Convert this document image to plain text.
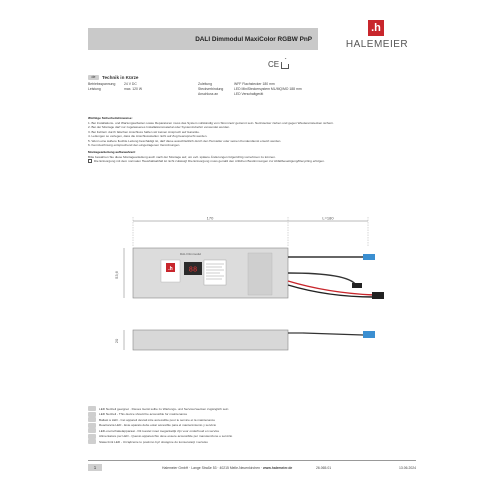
DALI Dimmodul MaxiColor RGBW PnP
.h
HALEMEIER
CE
de	Technik in Kürze
Betriebsspannung	24 V DC
Leistung	max. 120 W
Zuleitung	WFF Flachstecker 180 mm
Steckverbindung	LED MiniSteckersystem ML/MQ/MO 188 mm
Anschluss an	LED Verschaltgerät
Wichtige Sicherheitshinweise:
1. Bei Installations- und Wartungsarbeiten sowie Reparaturen muss das System vollständig vom Stromnetz getrennt sein. Netzstecker ziehen und gegen Wiedereinstecken sichern.
2. Bei der Montage darf nur zugelassenes Installationsmaterial oder Systemzubehör verwendet werden.
3. Bei Fehlern durch falschen Anschluss haften wir keinen Anspruch auf Garantie.
4. Leitungen so verlegen, dass die Anschlussstellen nicht auf Zug beansprucht werden.
5. Wenn eine äußere flexible Leitung beschädigt ist, darf diese ausschließlich durch den Hersteller oder seinen Kundendienst ersetzt werden.
6. Kennzeichnung entsprechend den eingetragenen Verordnungen.
Montageanleitung aufbewahren!
Bitte bewahren Sie diese Montageanleitung auch nach der Montage auf, um evtl. spätere Änderungen folgerichtig vornehmen zu können.
Die Entsorgung mit dem normalen Haushaltsabfall ist nicht zulässig! Die Entsorgung muss gemäß den örtlichen Bestimmungen zur Abfallbeseitigung/Recycling erfolgen.
170	L=180
53,6
.h
DALI Dimmodul
88
20
LED Netzteil geeignet · Dieses Gerät sollte zu Wartungs- und Servicezwecken zugänglich sein
LED Netzteil - This device should be accessible for maintenance
Ballast à LED - Cet appareil devrait être accessible pour le service et la maintenance
Reactancia LED - Este aparato debe estar accesible para el mantenimiento y servicio
LED-voorschakelapparaat - Dit toestel moet toegankelijk zijn voor onderhoud en service
Alimentatore per LED - Questo apparecchio deve essere accessibile per manutenzione e servizio
Statecznik LED - Urządzenie to powinno być dostępne do konserwacji i serwisu
1	Halemeier GmbH · Lange Straße 53 · 40215 Melle-Neuenkirchen · www.halemeier.de	26.065.01	13.06.2024
